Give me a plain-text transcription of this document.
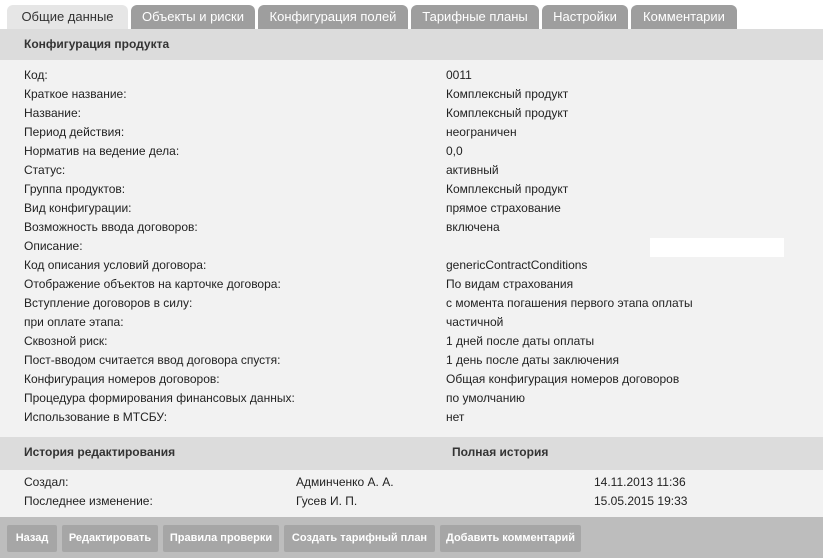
Общие данные	Объекты и риски	Конфигурация полей	Тарифные планы	Настройки	Комментарии
Конфигурация продукта
Код:	0011
Краткое название:	Комплексный продукт
Название:	Комплексный продукт
Период действия:	неограничен
Норматив на ведение дела:	0,0
Статус:	активный
Группа продуктов:	Комплексный продукт
Вид конфигурации:	прямое страхование
Возможность ввода договоров:	включена
Описание:
Код описания условий договора:	genericContractConditions
Отображение объектов на карточке договора:	По видам страхования
Вступление договоров в силу:	с момента погашения первого этапа оплаты
при оплате этапа:	частичной
Сквозной риск:	1 дней после даты оплаты
Пост-вводом считается ввод договора спустя:	1 день после даты заключения
Конфигурация номеров договоров:	Общая конфигурация номеров договоров
Процедура формирования финансовых данных:	по умолчанию
Использование в МТСБУ:	нет
История редактирования	Полная история
Создал:	Админченко А. А.	14.11.2013 11:36
Последнее изменение:	Гусев И. П.	15.05.2015 19:33
Назад	Редактировать	Правила проверки	Создать тарифный план	Добавить комментарий
